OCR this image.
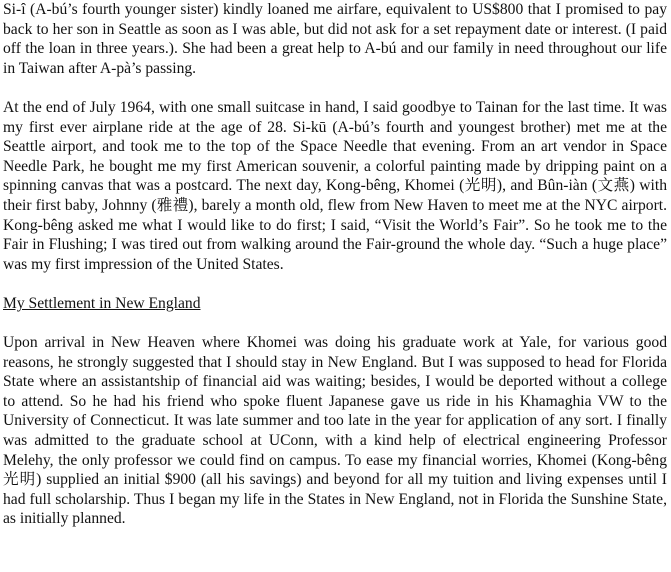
Si-î (A-bú’s fourth younger sister) kindly loaned me airfare, equivalent to US$800 that I promised to pay back to her son in Seattle as soon as I was able, but did not ask for a set repayment date or interest. (I paid off the loan in three years.). She had been a great help to A-bú and our family in need throughout our life in Taiwan after A-pà’s passing.

At the end of July 1964, with one small suitcase in hand, I said goodbye to Tainan for the last time. It was my first ever airplane ride at the age of 28. Si-kū (A-bú’s fourth and youngest brother) met me at the Seattle airport, and took me to the top of the Space Needle that evening. From an art vendor in Space Needle Park, he bought me my first American souvenir, a colorful painting made by dripping paint on a spinning canvas that was a postcard. The next day, Kong-bêng, Khomei (光明), and Bûn-iàn (文燕) with their first baby, Johnny (雅禮), barely a month old, flew from New Haven to meet me at the NYC airport. Kong-bêng asked me what I would like to do first; I said, “Visit the World’s Fair”. So he took me to the Fair in Flushing; I was tired out from walking around the Fair-ground the whole day. “Such a huge place” was my first impression of the United States.

My Settlement in New England

Upon arrival in New Heaven where Khomei was doing his graduate work at Yale, for various good reasons, he strongly suggested that I should stay in New England. But I was supposed to head for Florida State where an assistantship of financial aid was waiting; besides, I would be deported without a college to attend. So he had his friend who spoke fluent Japanese gave us ride in his Khamaghia VW to the University of Connecticut. It was late summer and too late in the year for application of any sort. I finally was admitted to the graduate school at UConn, with a kind help of electrical engineering Professor Melehy, the only professor we could find on campus. To ease my financial worries, Khomei (Kong-bêng 光明) supplied an initial $900 (all his savings) and beyond for all my tuition and living expenses until I had full scholarship. Thus I began my life in the States in New England, not in Florida the Sunshine State, as initially planned.
